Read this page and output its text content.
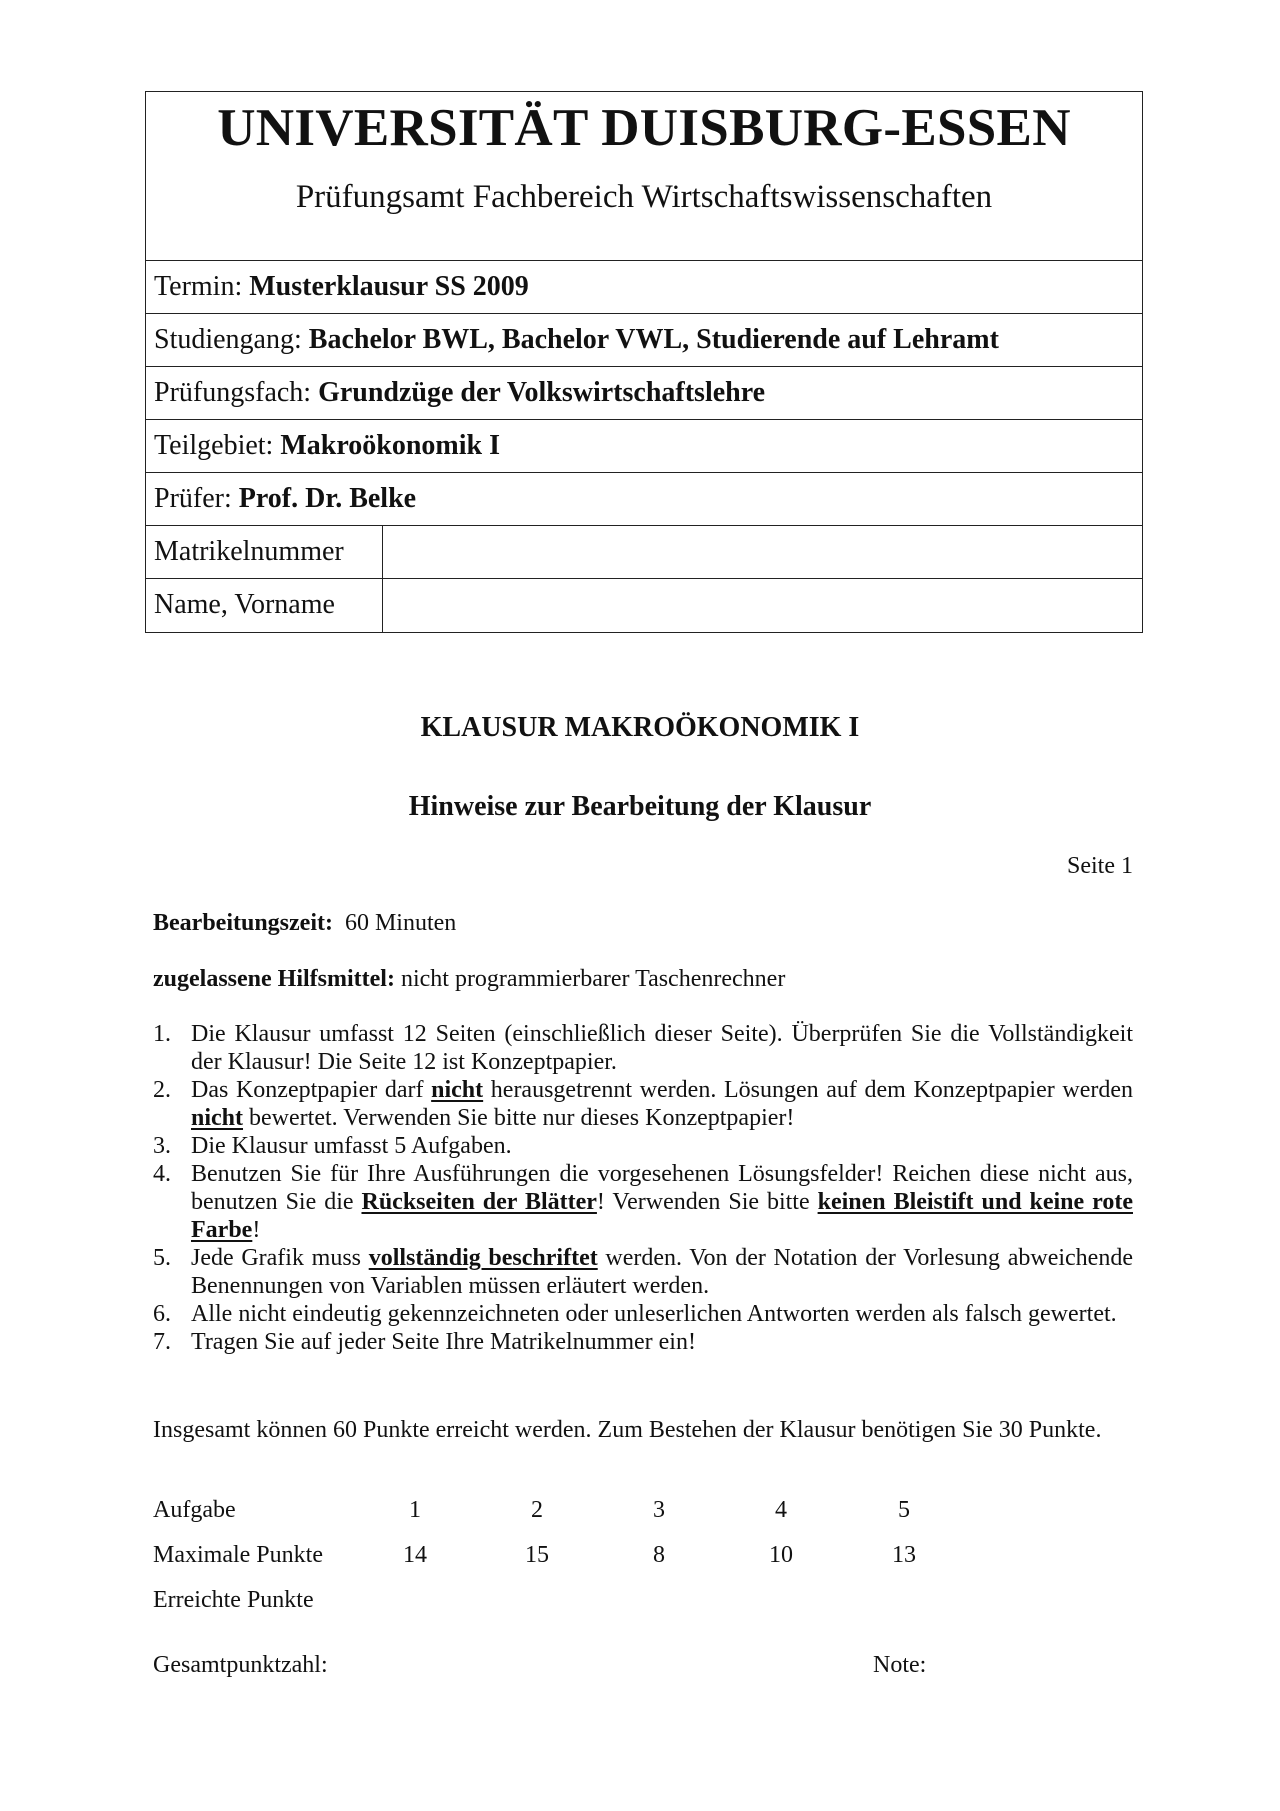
UNIVERSITÄT DUISBURG-ESSEN
Prüfungsamt Fachbereich Wirtschaftswissenschaften
Termin: Musterklausur SS 2009
Studiengang: Bachelor BWL, Bachelor VWL, Studierende auf Lehramt
Prüfungsfach: Grundzüge der Volkswirtschaftslehre
Teilgebiet: Makroökonomik I
Prüfer: Prof. Dr. Belke
Matrikelnummer
Name, Vorname
KLAUSUR MAKROÖKONOMIK I
Hinweise zur Bearbeitung der Klausur
Seite 1
Bearbeitungszeit: 60 Minuten
zugelassene Hilfsmittel: nicht programmierbarer Taschenrechner
1. Die Klausur umfasst 12 Seiten (einschließlich dieser Seite). Überprüfen Sie die Vollständigkeit der Klausur! Die Seite 12 ist Konzeptpapier.
2. Das Konzeptpapier darf nicht herausgetrennt werden. Lösungen auf dem Konzeptpapier werden nicht bewertet. Verwenden Sie bitte nur dieses Konzeptpapier!
3. Die Klausur umfasst 5 Aufgaben.
4. Benutzen Sie für Ihre Ausführungen die vorgesehenen Lösungsfelder! Reichen diese nicht aus, benutzen Sie die Rückseiten der Blätter! Verwenden Sie bitte keinen Bleistift und keine rote Farbe!
5. Jede Grafik muss vollständig beschriftet werden. Von der Notation der Vorlesung abweichende Benennungen von Variablen müssen erläutert werden.
6. Alle nicht eindeutig gekennzeichneten oder unleserlichen Antworten werden als falsch gewertet.
7. Tragen Sie auf jeder Seite Ihre Matrikelnummer ein!
Insgesamt können 60 Punkte erreicht werden. Zum Bestehen der Klausur benötigen Sie 30 Punkte.
Aufgabe	1	2	3	4	5
Maximale Punkte	14	15	8	10	13
Erreichte Punkte
Gesamtpunktzahl:	Note:
